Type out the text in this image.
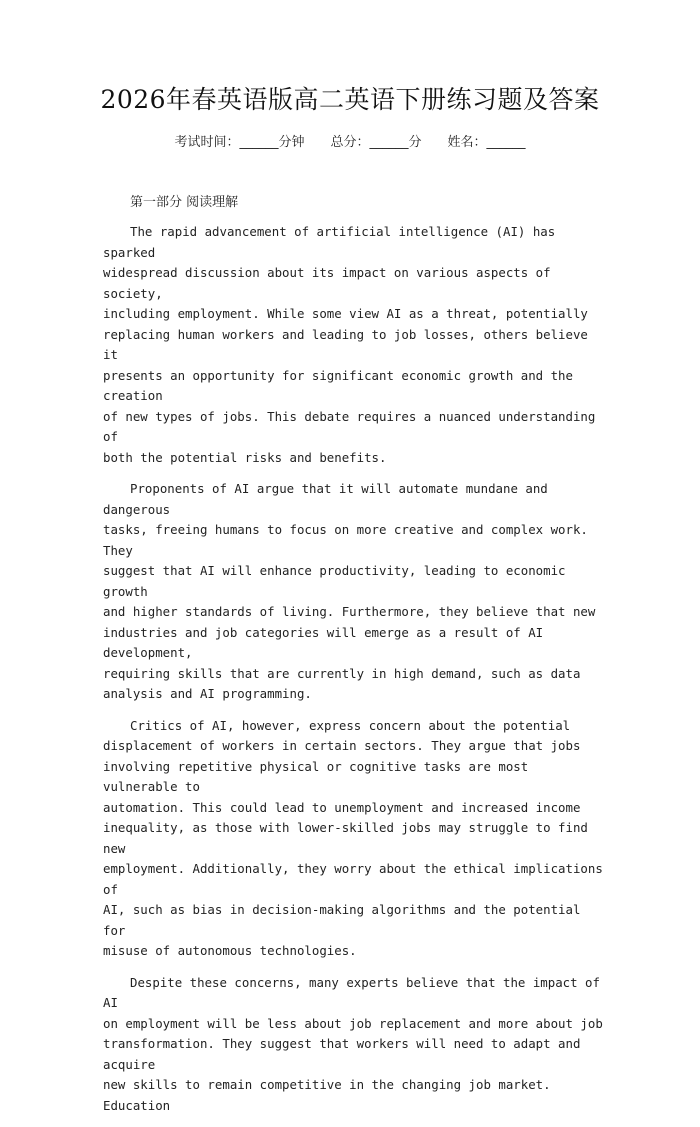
2026年春英语版高二英语下册练习题及答案
考试时间：______分钟 总分：______分 姓名：______
第一部分 阅读理解

The rapid advancement of artificial intelligence (AI) has sparked
widespread discussion about its impact on various aspects of society,
including employment. While some view AI as a threat, potentially
replacing human workers and leading to job losses, others believe it
presents an opportunity for significant economic growth and the creation
of new types of jobs. This debate requires a nuanced understanding of
both the potential risks and benefits.

Proponents of AI argue that it will automate mundane and dangerous
tasks, freeing humans to focus on more creative and complex work. They
suggest that AI will enhance productivity, leading to economic growth
and higher standards of living. Furthermore, they believe that new
industries and job categories will emerge as a result of AI development,
requiring skills that are currently in high demand, such as data
analysis and AI programming.

Critics of AI, however, express concern about the potential
displacement of workers in certain sectors. They argue that jobs
involving repetitive physical or cognitive tasks are most vulnerable to
automation. This could lead to unemployment and increased income
inequality, as those with lower-skilled jobs may struggle to find new
employment. Additionally, they worry about the ethical implications of
AI, such as bias in decision-making algorithms and the potential for
misuse of autonomous technologies.

Despite these concerns, many experts believe that the impact of AI
on employment will be less about job replacement and more about job
transformation. They suggest that workers will need to adapt and acquire
new skills to remain competitive in the changing job market. Education
